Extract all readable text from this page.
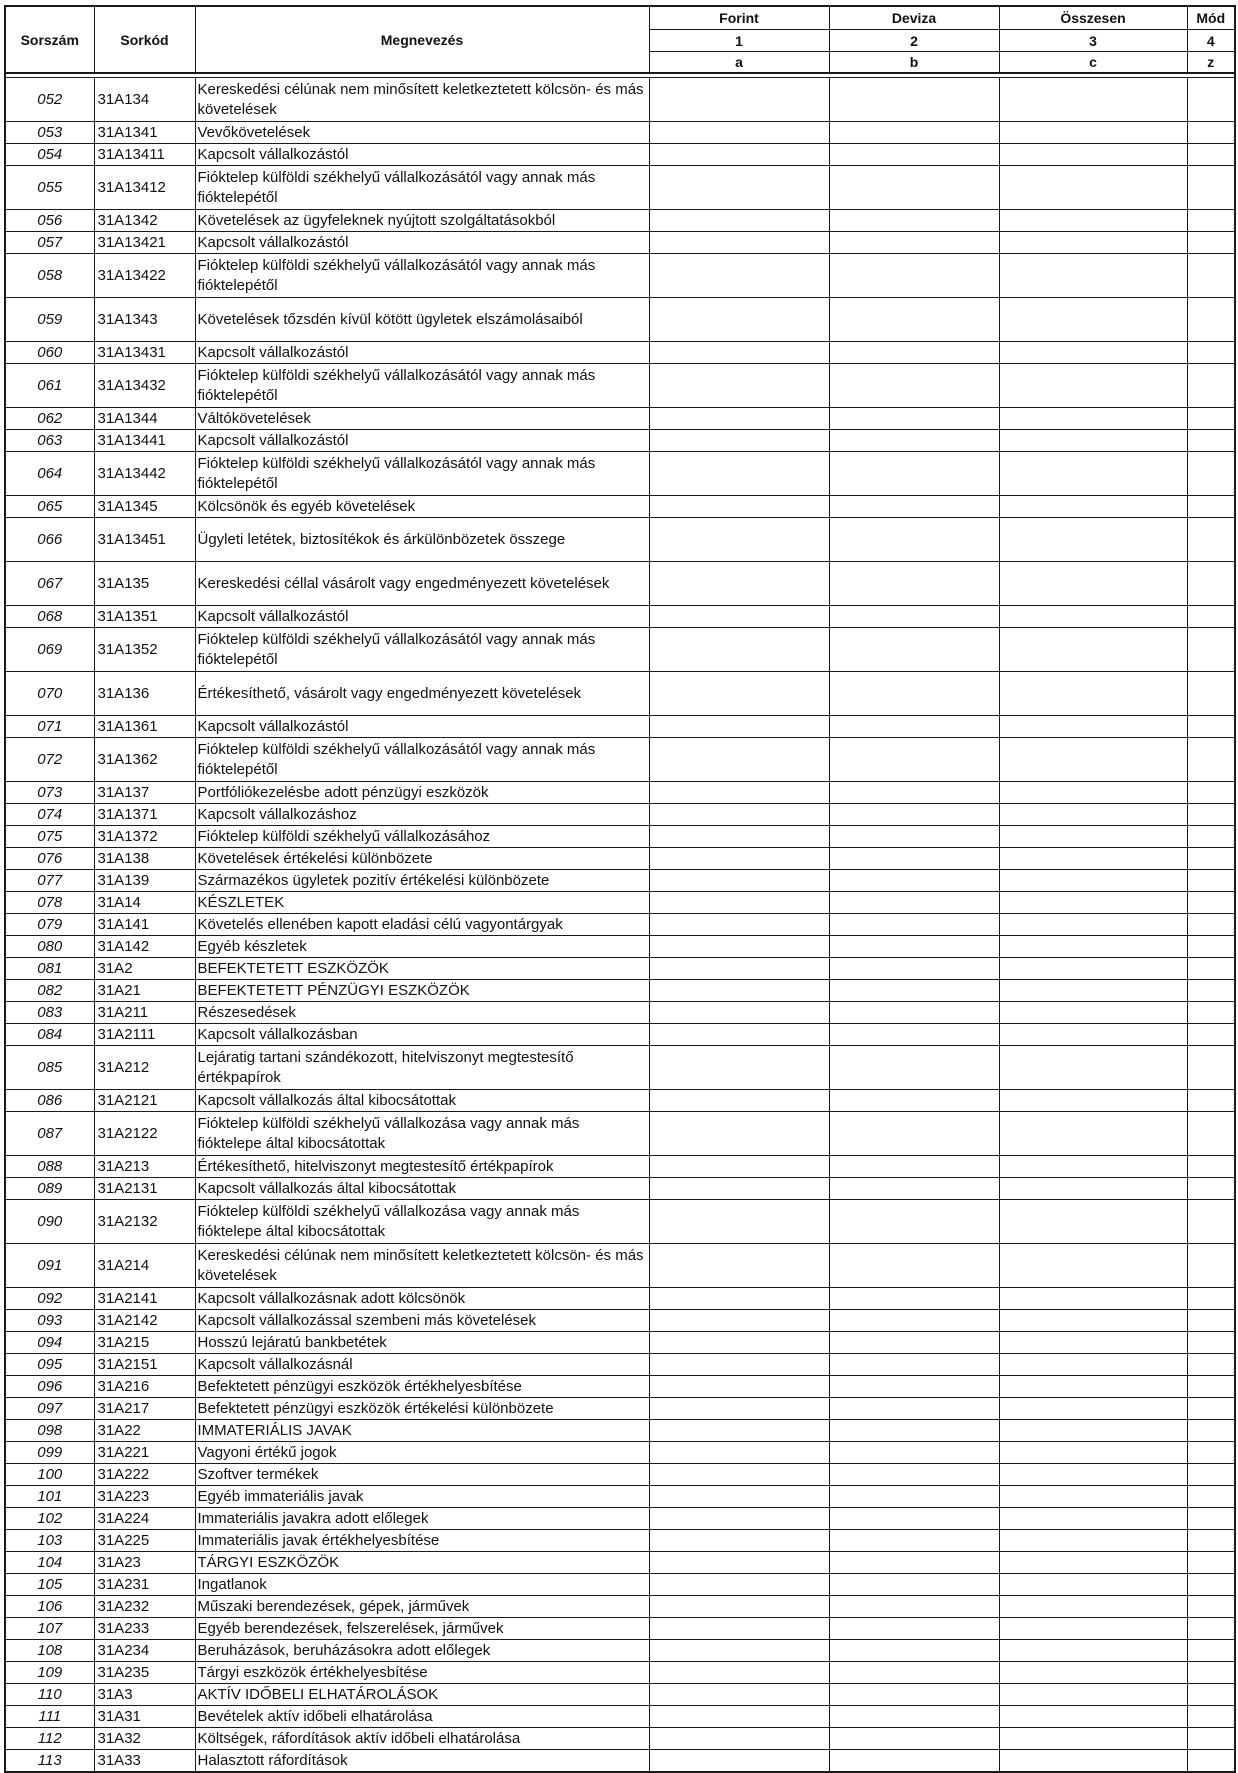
Sorszám	Sorkód	Megnevezés	Forint	Deviza	Összesen	Mód
			1	2	3	4
			a	b	c	z

052	31A134	Kereskedési célúnak nem minősített keletkeztetett kölcsön- és más követelések				
053	31A1341	Vevőkövetelések				
054	31A13411	Kapcsolt vállalkozástól				
055	31A13412	Fióktelep külföldi székhelyű vállalkozásától vagy annak más fióktelepétől				
056	31A1342	Követelések az ügyfeleknek nyújtott szolgáltatásokból				
057	31A13421	Kapcsolt vállalkozástól				
058	31A13422	Fióktelep külföldi székhelyű vállalkozásától vagy annak más fióktelepétől				
059	31A1343	Követelések tőzsdén kívül kötött ügyletek elszámolásaiból				
060	31A13431	Kapcsolt vállalkozástól				
061	31A13432	Fióktelep külföldi székhelyű vállalkozásától vagy annak más fióktelepétől				
062	31A1344	Váltókövetelések				
063	31A13441	Kapcsolt vállalkozástól				
064	31A13442	Fióktelep külföldi székhelyű vállalkozásától vagy annak más fióktelepétől				
065	31A1345	Kölcsönök és egyéb követelések				
066	31A13451	Ügyleti letétek, biztosítékok és árkülönbözetek összege				
067	31A135	Kereskedési céllal vásárolt vagy engedményezett követelések				
068	31A1351	Kapcsolt vállalkozástól				
069	31A1352	Fióktelep külföldi székhelyű vállalkozásától vagy annak más fióktelepétől				
070	31A136	Értékesíthető, vásárolt vagy engedményezett követelések				
071	31A1361	Kapcsolt vállalkozástól				
072	31A1362	Fióktelep külföldi székhelyű vállalkozásától vagy annak más fióktelepétől				
073	31A137	Portfóliókezelésbe adott pénzügyi eszközök				
074	31A1371	Kapcsolt vállalkozáshoz				
075	31A1372	Fióktelep külföldi székhelyű vállalkozásához				
076	31A138	Követelések értékelési különbözete				
077	31A139	Származékos ügyletek pozitív értékelési különbözete				
078	31A14	KÉSZLETEK				
079	31A141	Követelés ellenében kapott eladási célú vagyontárgyak				
080	31A142	Egyéb készletek				
081	31A2	BEFEKTETETT ESZKÖZÖK				
082	31A21	BEFEKTETETT PÉNZÜGYI ESZKÖZÖK				
083	31A211	Részesedések				
084	31A2111	Kapcsolt vállalkozásban				
085	31A212	Lejáratig tartani szándékozott, hitelviszonyt megtestesítő értékpapírok				
086	31A2121	Kapcsolt vállalkozás által kibocsátottak				
087	31A2122	Fióktelep külföldi székhelyű vállalkozása vagy annak más fióktelepe által kibocsátottak				
088	31A213	Értékesíthető, hitelviszonyt megtestesítő értékpapírok				
089	31A2131	Kapcsolt vállalkozás által kibocsátottak				
090	31A2132	Fióktelep külföldi székhelyű vállalkozása vagy annak más fióktelepe által kibocsátottak				
091	31A214	Kereskedési célúnak nem minősített keletkeztetett kölcsön- és más követelések				
092	31A2141	Kapcsolt vállalkozásnak adott kölcsönök				
093	31A2142	Kapcsolt vállalkozással szembeni más követelések				
094	31A215	Hosszú lejáratú bankbetétek				
095	31A2151	Kapcsolt vállalkozásnál				
096	31A216	Befektetett pénzügyi eszközök értékhelyesbítése				
097	31A217	Befektetett pénzügyi eszközök értékelési különbözete				
098	31A22	IMMATERIÁLIS JAVAK				
099	31A221	Vagyoni értékű jogok				
100	31A222	Szoftver termékek				
101	31A223	Egyéb immateriális javak				
102	31A224	Immateriális javakra adott előlegek				
103	31A225	Immateriális javak értékhelyesbítése				
104	31A23	TÁRGYI ESZKÖZÖK				
105	31A231	Ingatlanok				
106	31A232	Műszaki berendezések, gépek, járművek				
107	31A233	Egyéb berendezések, felszerelések, járművek				
108	31A234	Beruházások, beruházásokra adott előlegek				
109	31A235	Tárgyi eszközök értékhelyesbítése				
110	31A3	AKTÍV IDŐBELI ELHATÁROLÁSOK				
111	31A31	Bevételek aktív időbeli elhatárolása				
112	31A32	Költségek, ráfordítások aktív időbeli elhatárolása				
113	31A33	Halasztott ráfordítások				
